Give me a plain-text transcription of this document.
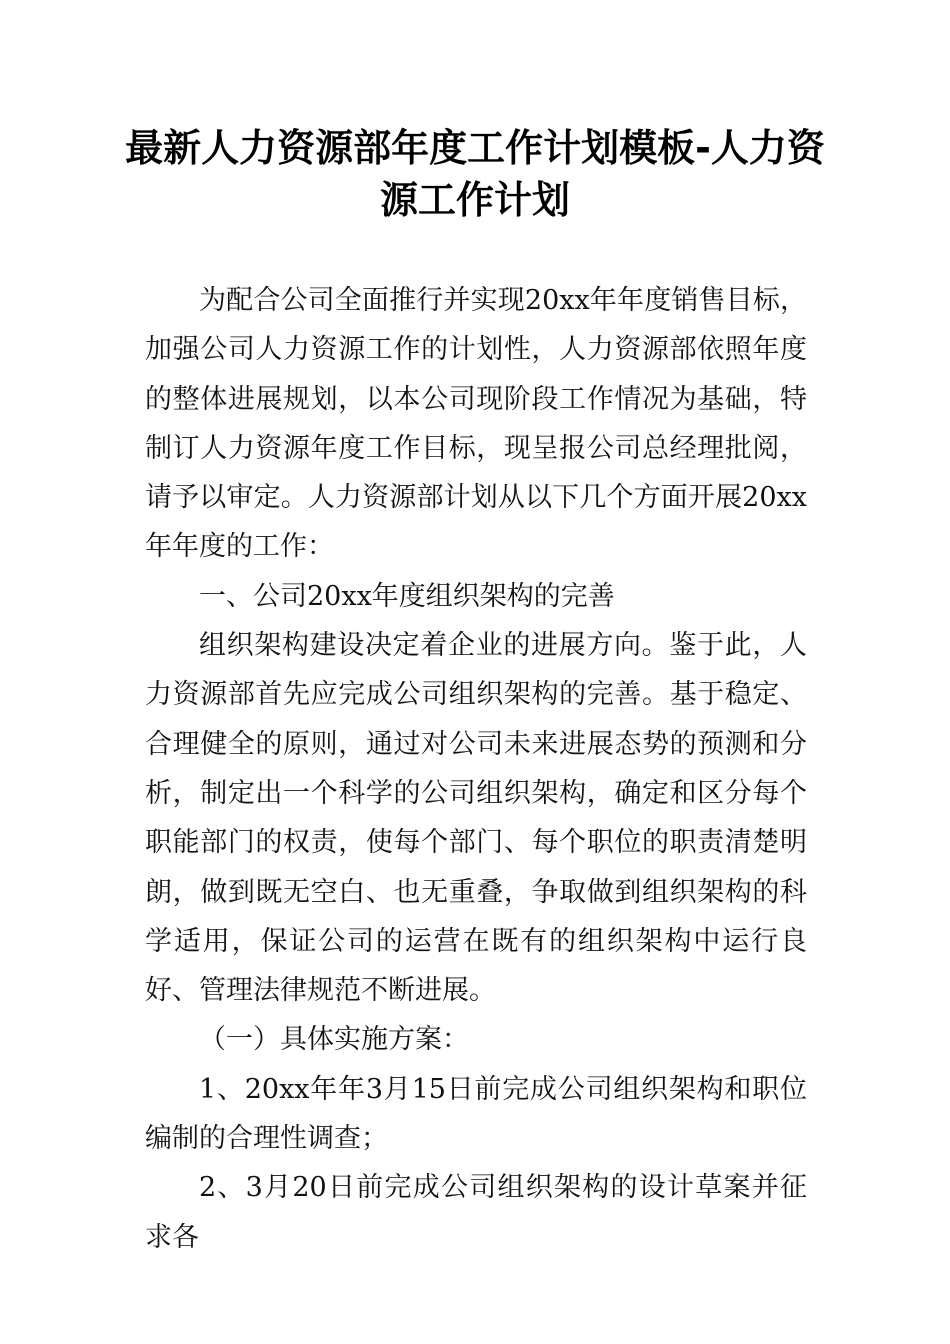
最新人力资源部年度工作计划模板-人力资源工作计划

为配合公司全面推行并实现20xx年年度销售目标，加强公司人力资源工作的计划性，人力资源部依照年度的整体进展规划，以本公司现阶段工作情况为基础，特制订人力资源年度工作目标，现呈报公司总经理批阅，请予以审定。人力资源部计划从以下几个方面开展20xx年年度的工作：

一、公司20xx年度组织架构的完善

组织架构建设决定着企业的进展方向。鉴于此，人力资源部首先应完成公司组织架构的完善。基于稳定、合理健全的原则，通过对公司未来进展态势的预测和分析，制定出一个科学的公司组织架构，确定和区分每个职能部门的权责，使每个部门、每个职位的职责清楚明朗，做到既无空白、也无重叠，争取做到组织架构的科学适用，保证公司的运营在既有的组织架构中运行良好、管理法律规范不断进展。

（一）具体实施方案：

1、20xx年年3月15日前完成公司组织架构和职位编制的合理性调查；

2、3月20日前完成公司组织架构的设计草案并征求各
